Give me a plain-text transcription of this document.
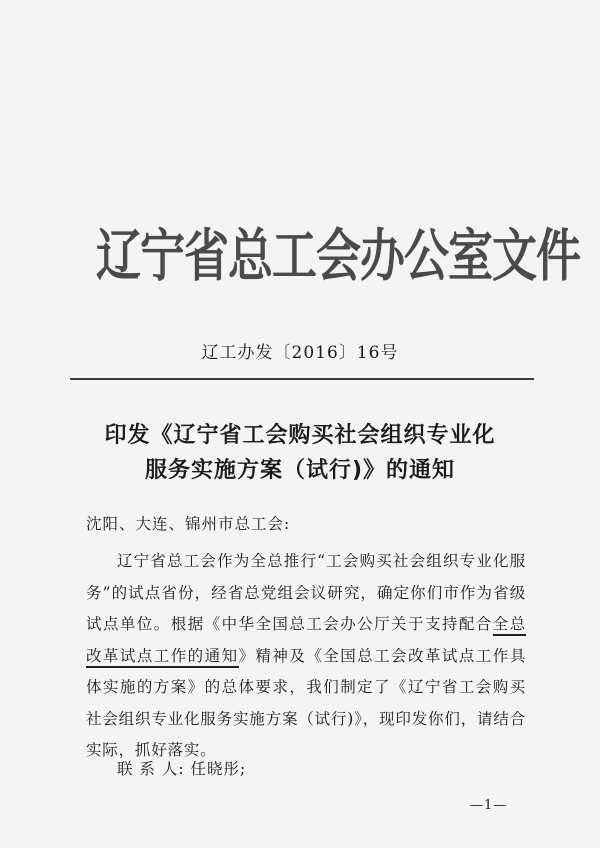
辽宁省总工会办公室文件
辽工办发〔2016〕16号
印发《辽宁省工会购买社会组织专业化
服务实施方案（试行)》的通知
沈阳、大连、锦州市总工会:
辽宁省总工会作为全总推行“工会购买社会组织专业化服务”的试点省份，经省总党组会议研究，确定你们市作为省级试点单位。根据《中华全国总工会办公厅关于支持配合全总改革试点工作的通知》精神及《全国总工会改革试点工作具体实施的方案》的总体要求，我们制定了《辽宁省工会购买社会组织专业化服务实施方案（试行)》，现印发你们，请结合实际，抓好落实。
联 系 人: 任晓彤;
—1—
